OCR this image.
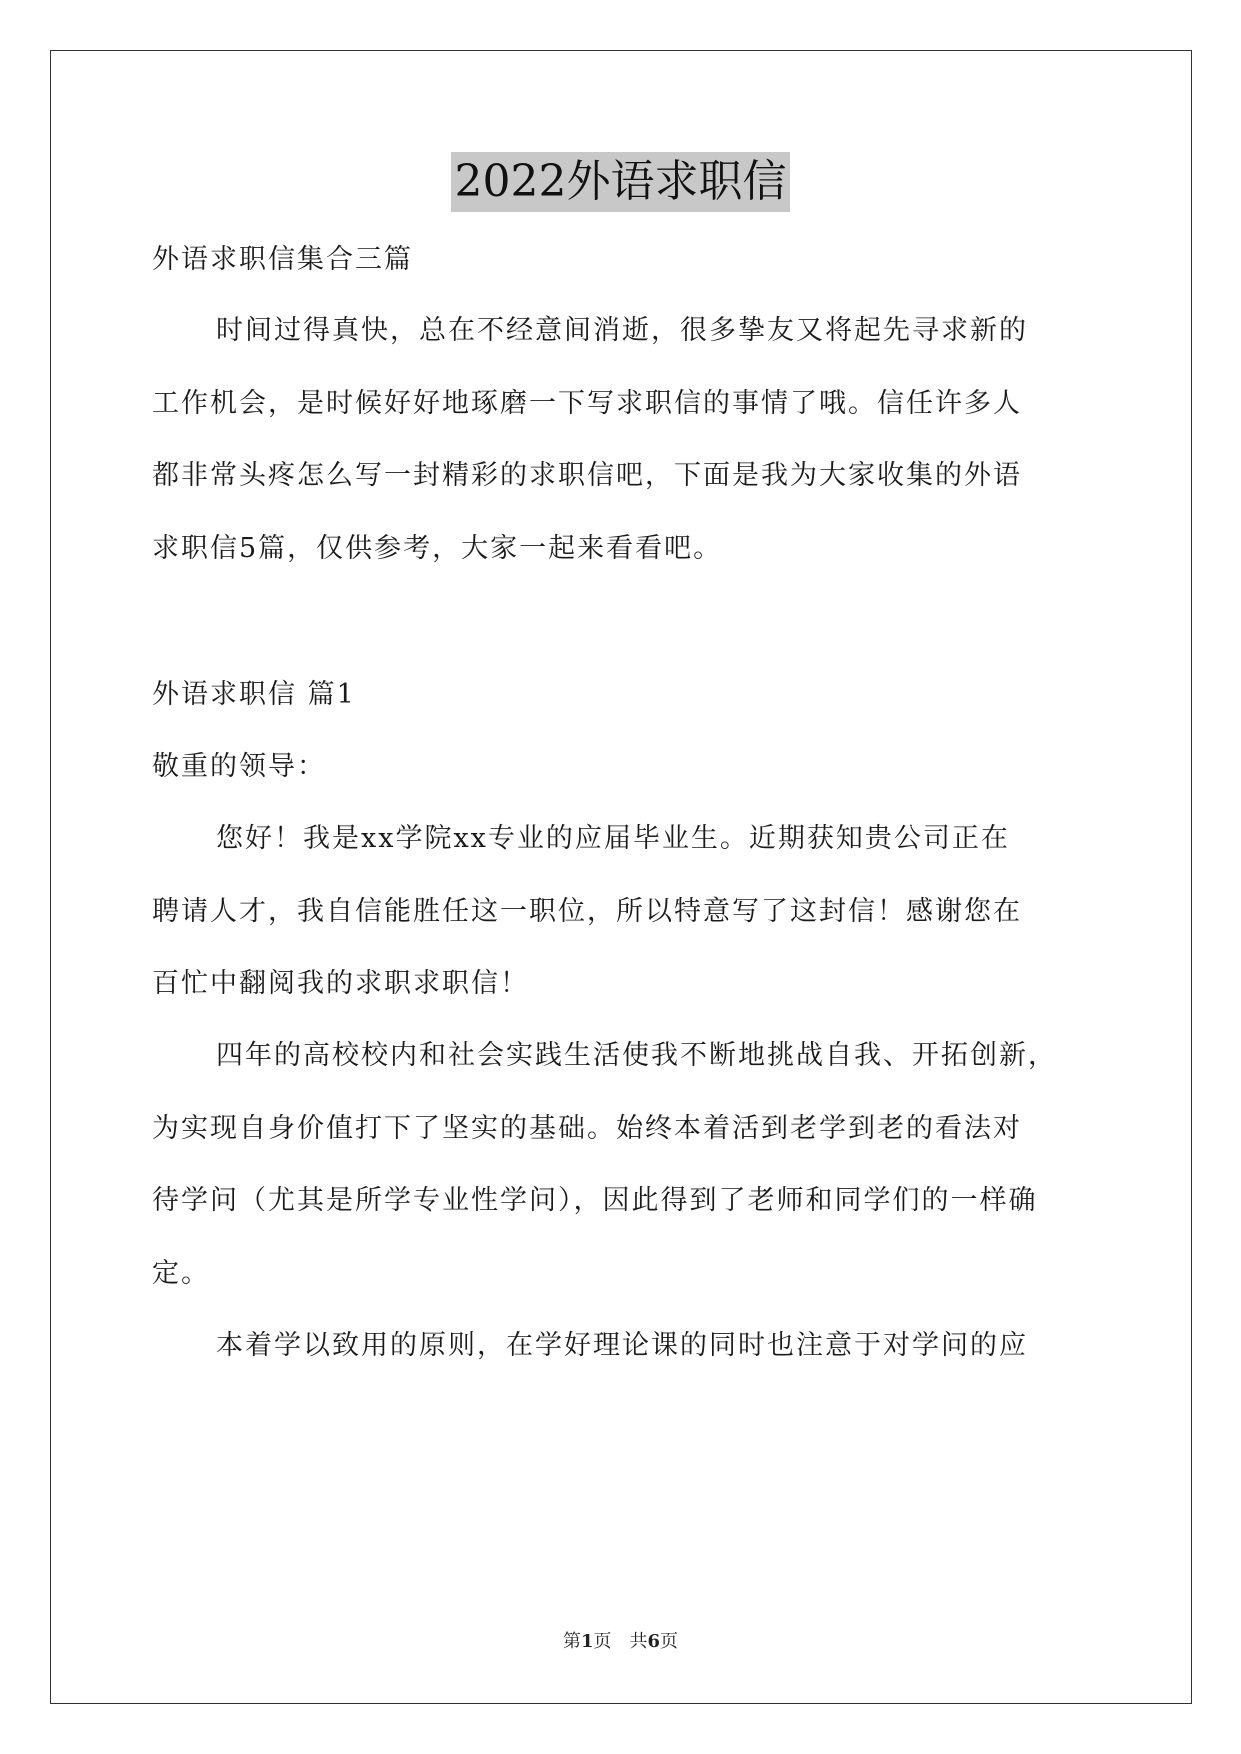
2022外语求职信
外语求职信集合三篇
时间过得真快，总在不经意间消逝，很多挚友又将起先寻求新的
工作机会，是时候好好地琢磨一下写求职信的事情了哦。信任许多人
都非常头疼怎么写一封精彩的求职信吧，下面是我为大家收集的外语
求职信5篇，仅供参考，大家一起来看看吧。
外语求职信 篇1
敬重的领导：
您好！我是xx学院xx专业的应届毕业生。近期获知贵公司正在
聘请人才，我自信能胜任这一职位，所以特意写了这封信！感谢您在
百忙中翻阅我的求职求职信！
四年的高校校内和社会实践生活使我不断地挑战自我、开拓创新，
为实现自身价值打下了坚实的基础。始终本着活到老学到老的看法对
待学问（尤其是所学专业性学问），因此得到了老师和同学们的一样确
定。
本着学以致用的原则，在学好理论课的同时也注意于对学问的应
第1页 共6页
